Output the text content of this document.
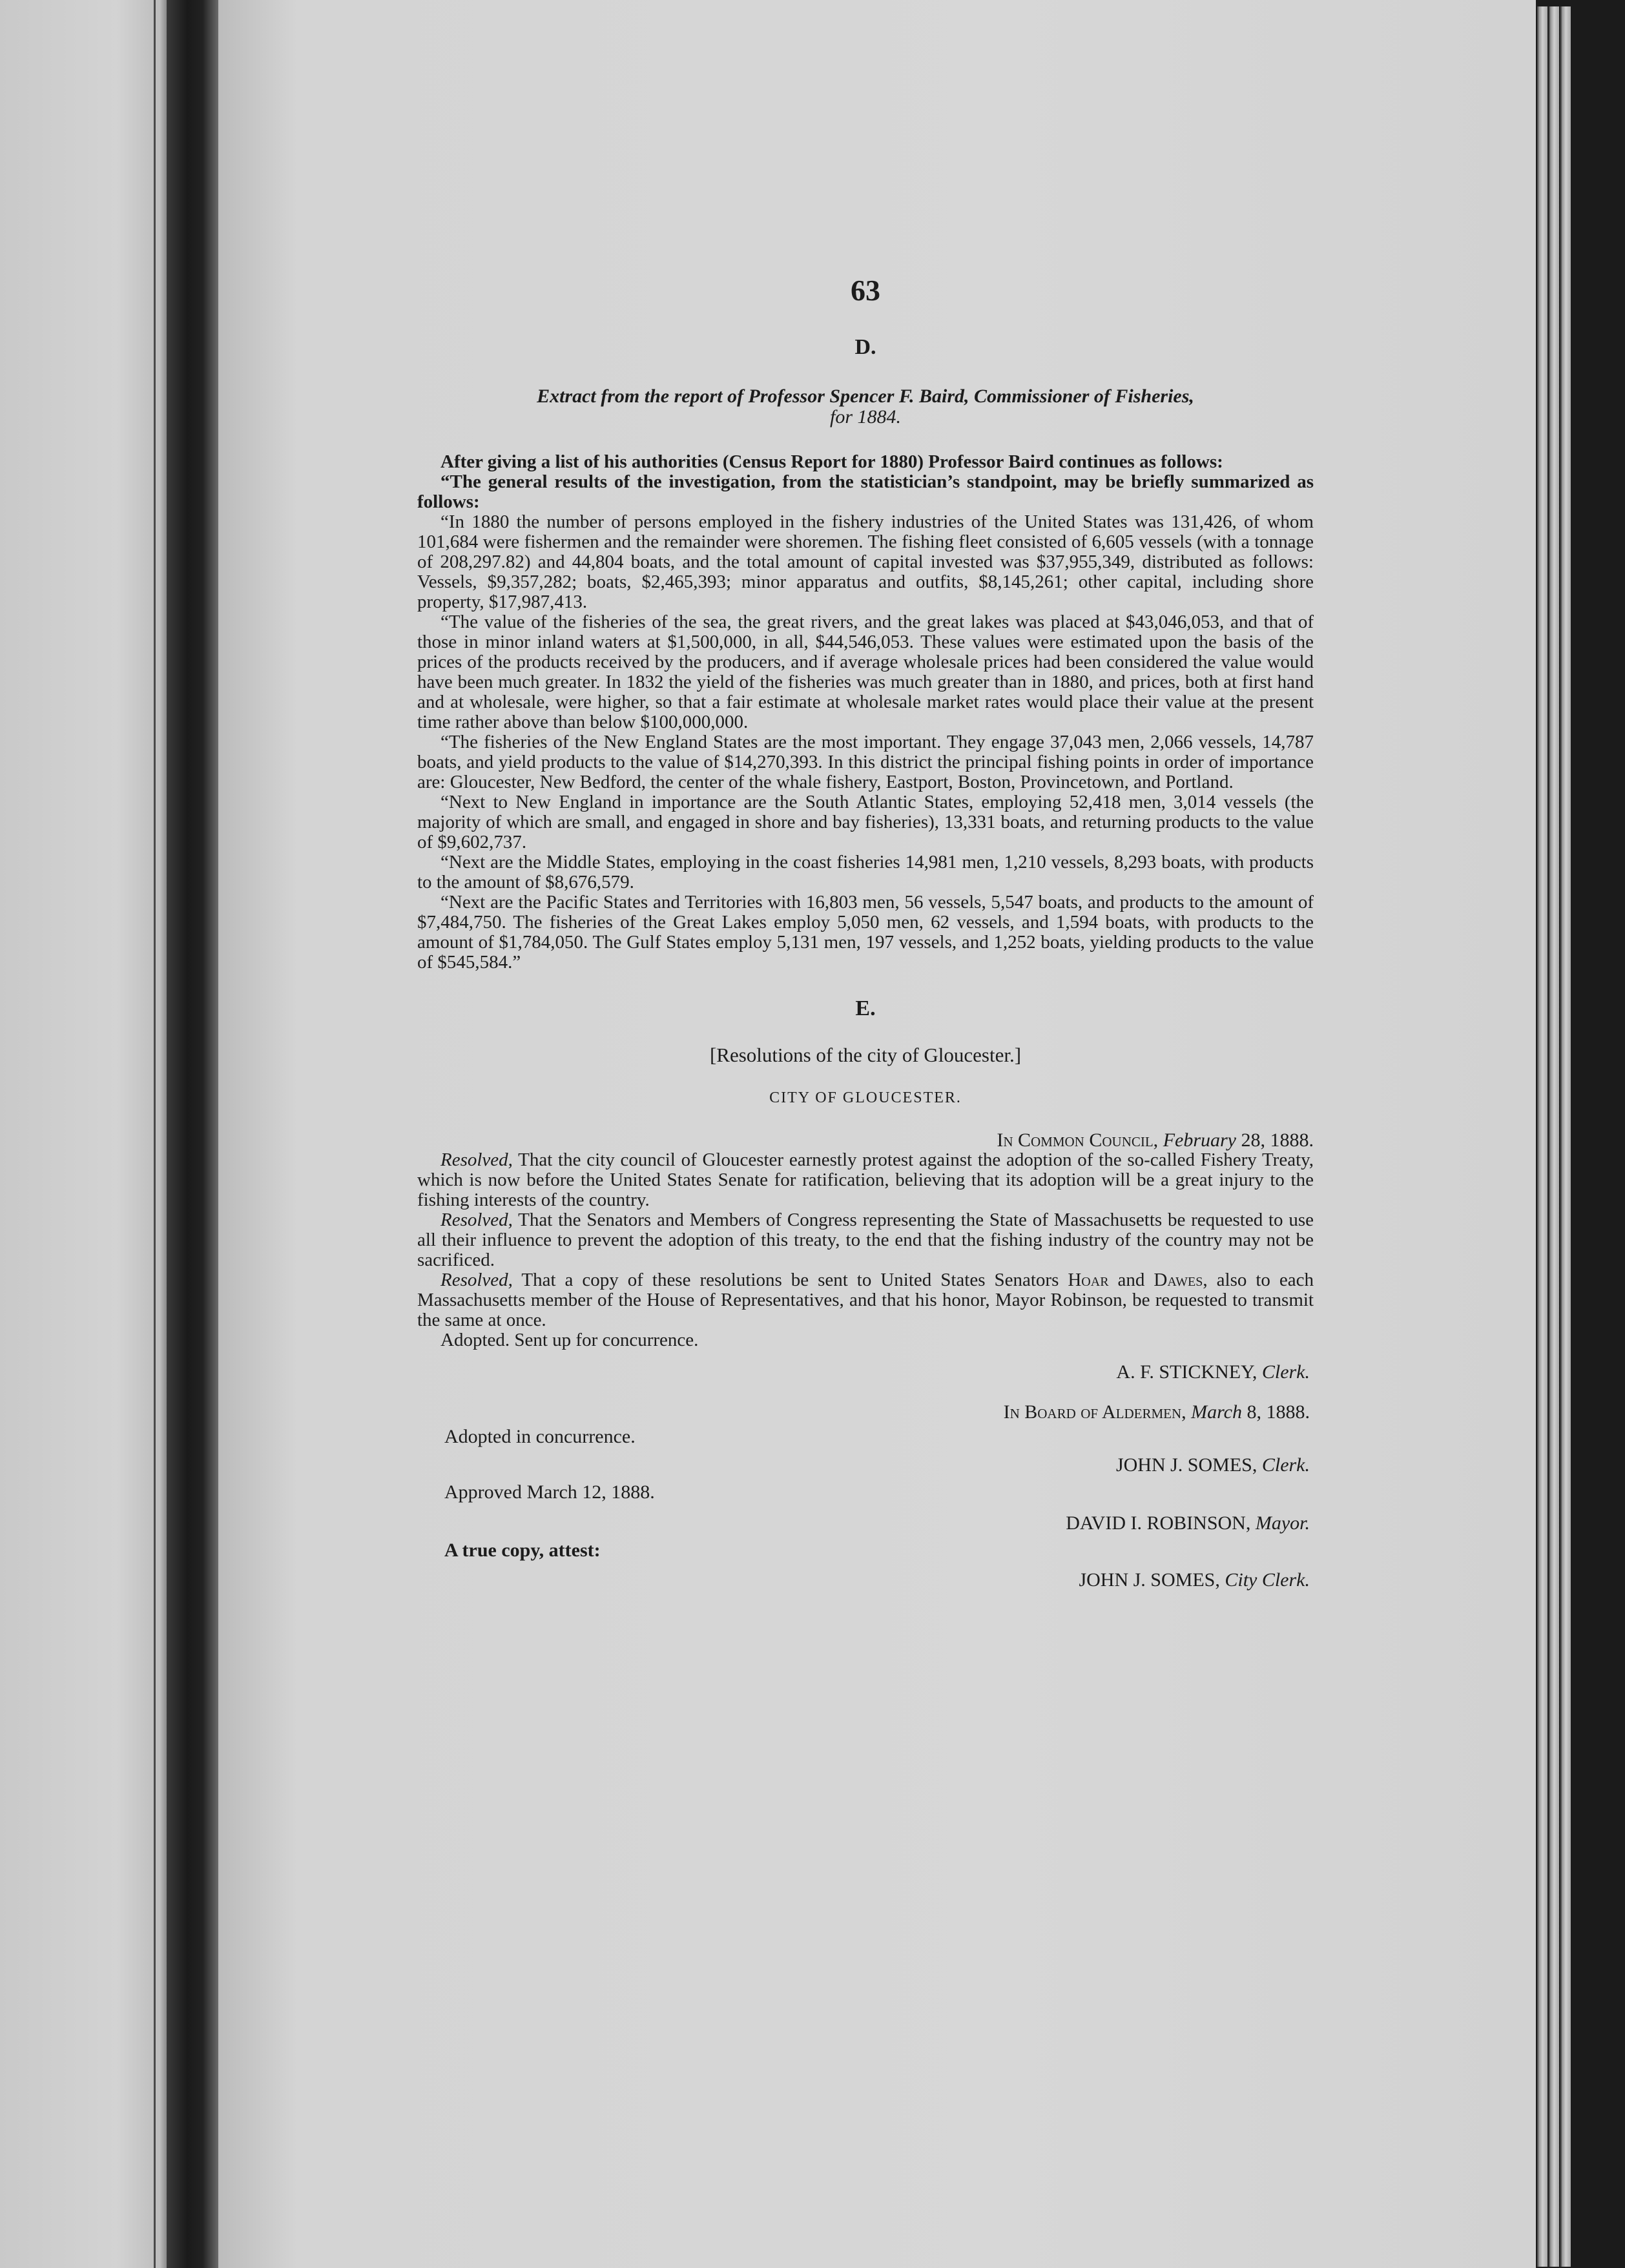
63
D.
Extract from the report of Professor Spencer F. Baird, Commissioner of Fisheries,
for 1884.

After giving a list of his authorities (Census Report for 1880) Professor Baird continues as follows:

“The general results of the investigation, from the statistician’s standpoint, may be briefly summarized as follows:

“In 1880 the number of persons employed in the fishery industries of the United States was 131,426, of whom 101,684 were fishermen and the remainder were shoremen. The fishing fleet consisted of 6,605 vessels (with a tonnage of 208,297.82) and 44,804 boats, and the total amount of capital invested was $37,955,349, distributed as follows: Vessels, $9,357,282; boats, $2,465,393; minor apparatus and outfits, $8,145,261; other capital, including shore property, $17,987,413.

“The value of the fisheries of the sea, the great rivers, and the great lakes was placed at $43,046,053, and that of those in minor inland waters at $1,500,000, in all, $44,546,053. These values were estimated upon the basis of the prices of the products received by the producers, and if average wholesale prices had been considered the value would have been much greater. In 1832 the yield of the fisheries was much greater than in 1880, and prices, both at first hand and at wholesale, were higher, so that a fair estimate at wholesale market rates would place their value at the present time rather above than below $100,000,000.

“The fisheries of the New England States are the most important. They engage 37,043 men, 2,066 vessels, 14,787 boats, and yield products to the value of $14,270,393. In this district the principal fishing points in order of importance are: Gloucester, New Bedford, the center of the whale fishery, Eastport, Boston, Provincetown, and Portland.

“Next to New England in importance are the South Atlantic States, employing 52,418 men, 3,014 vessels (the majority of which are small, and engaged in shore and bay fisheries), 13,331 boats, and returning products to the value of $9,602,737.

“Next are the Middle States, employing in the coast fisheries 14,981 men, 1,210 vessels, 8,293 boats, with products to the amount of $8,676,579.

“Next are the Pacific States and Territories with 16,803 men, 56 vessels, 5,547 boats, and products to the amount of $7,484,750. The fisheries of the Great Lakes employ 5,050 men, 62 vessels, and 1,594 boats, with products to the amount of $1,784,050. The Gulf States employ 5,131 men, 197 vessels, and 1,252 boats, yielding products to the value of $545,584.”

E.
[Resolutions of the city of Gloucester.]
CITY OF GLOUCESTER.
In Common Council, February 28, 1888.

Resolved, That the city council of Gloucester earnestly protest against the adoption of the so-called Fishery Treaty, which is now before the United States Senate for ratification, believing that its adoption will be a great injury to the fishing interests of the country.

Resolved, That the Senators and Members of Congress representing the State of Massachusetts be requested to use all their influence to prevent the adoption of this treaty, to the end that the fishing industry of the country may not be sacrificed.

Resolved, That a copy of these resolutions be sent to United States Senators Hoar and Dawes, also to each Massachusetts member of the House of Representatives, and that his honor, Mayor Robinson, be requested to transmit the same at once.

Adopted. Sent up for concurrence.

A. F. STICKNEY, Clerk.
In Board of Aldermen, March 8, 1888.
Adopted in concurrence.
JOHN J. SOMES, Clerk.
Approved March 12, 1888.
DAVID I. ROBINSON, Mayor.
A true copy, attest:
JOHN J. SOMES, City Clerk.
